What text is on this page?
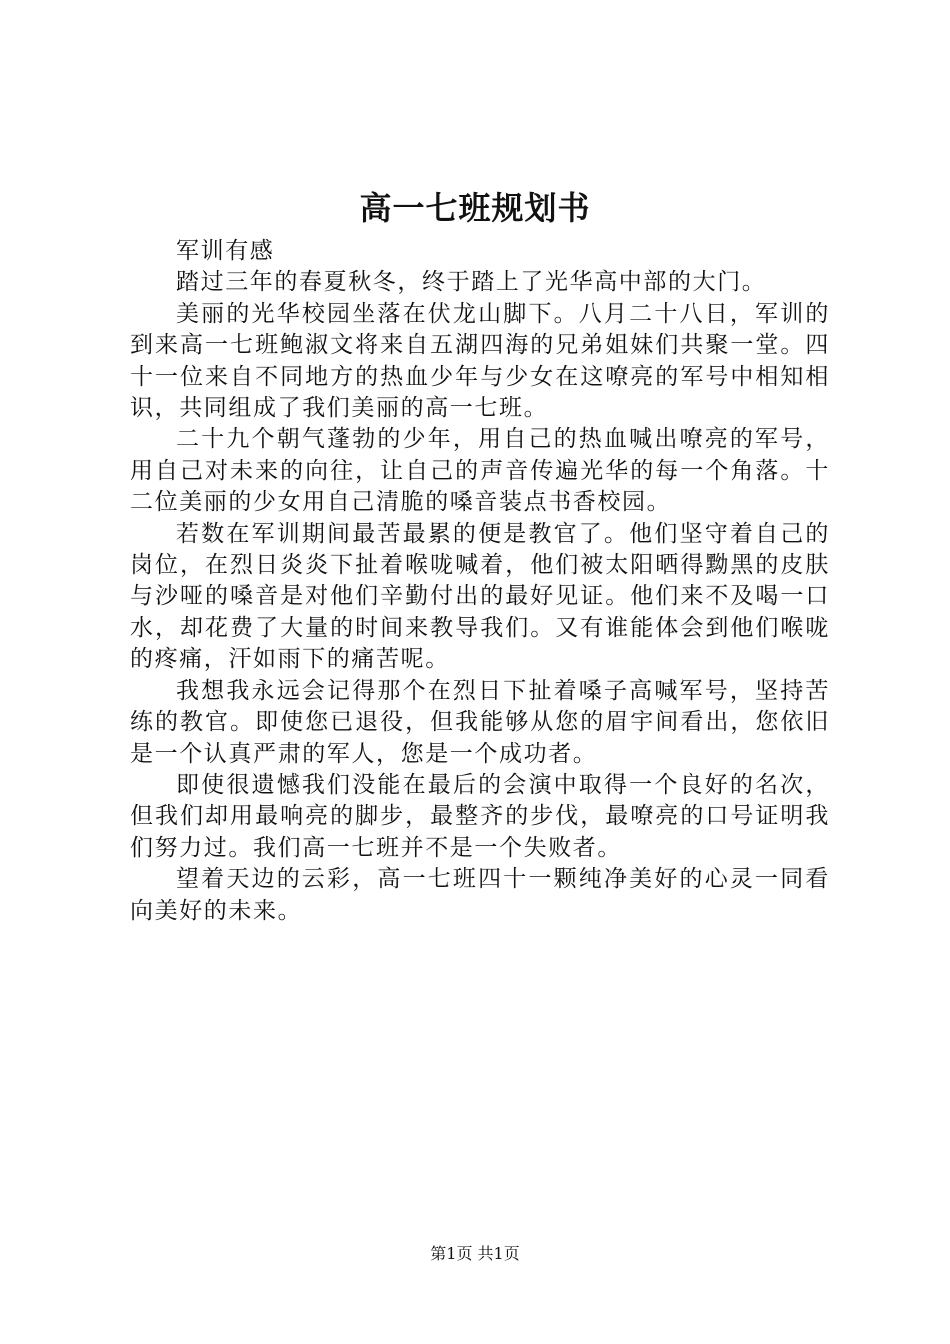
高一七班规划书

军训有感

踏过三年的春夏秋冬，终于踏上了光华高中部的大门。

美丽的光华校园坐落在伏龙山脚下。八月二十八日，军训的到来高一七班鲍淑文将来自五湖四海的兄弟姐妹们共聚一堂。四十一位来自不同地方的热血少年与少女在这嘹亮的军号中相知相识，共同组成了我们美丽的高一七班。

二十九个朝气蓬勃的少年，用自己的热血喊出嘹亮的军号，用自己对未来的向往，让自己的声音传遍光华的每一个角落。十二位美丽的少女用自己清脆的嗓音装点书香校园。

若数在军训期间最苦最累的便是教官了。他们坚守着自己的岗位，在烈日炎炎下扯着喉咙喊着，他们被太阳晒得黝黑的皮肤与沙哑的嗓音是对他们辛勤付出的最好见证。他们来不及喝一口水，却花费了大量的时间来教导我们。又有谁能体会到他们喉咙的疼痛，汗如雨下的痛苦呢。

我想我永远会记得那个在烈日下扯着嗓子高喊军号，坚持苦练的教官。即使您已退役，但我能够从您的眉宇间看出，您依旧是一个认真严肃的军人，您是一个成功者。

即使很遗憾我们没能在最后的会演中取得一个良好的名次，但我们却用最响亮的脚步，最整齐的步伐，最嘹亮的口号证明我们努力过。我们高一七班并不是一个失败者。

望着天边的云彩，高一七班四十一颗纯净美好的心灵一同看向美好的未来。

第1页 共1页
